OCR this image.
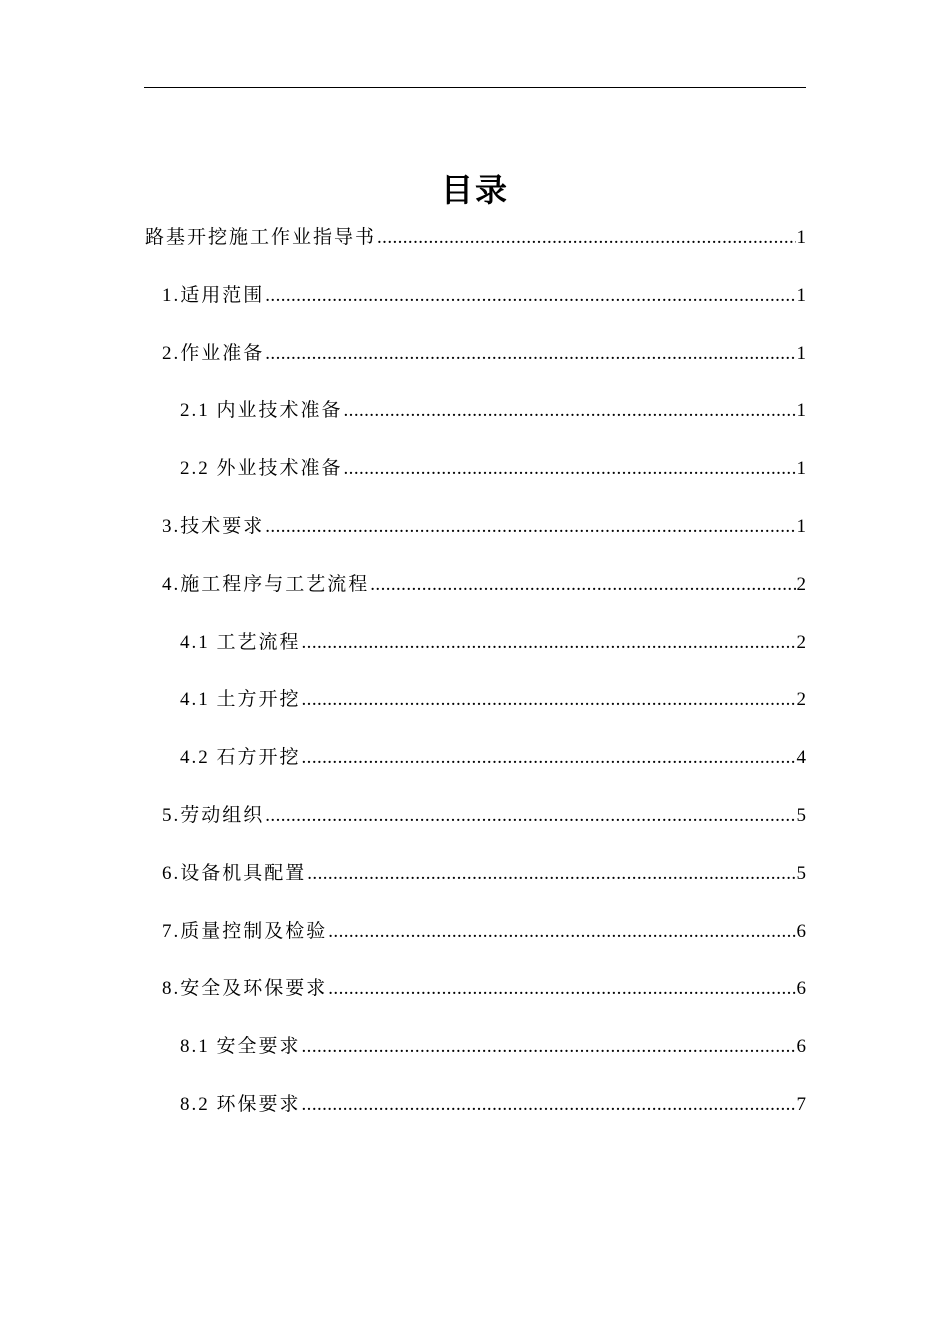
目录
路基开挖施工作业指导书 .....	1
1.适用范围 .....	1
2.作业准备 .....	1
2.1 内业技术准备 .....	1
2.2 外业技术准备 .....	1
3.技术要求 .....	1
4.施工程序与工艺流程 .....	2
4.1 工艺流程 .....	2
4.1 土方开挖 .....	2
4.2 石方开挖 .....	4
5.劳动组织 .....	5
6.设备机具配置 .....	5
7.质量控制及检验 .....	6
8.安全及环保要求 .....	6
8.1 安全要求 .....	6
8.2 环保要求 .....	7
